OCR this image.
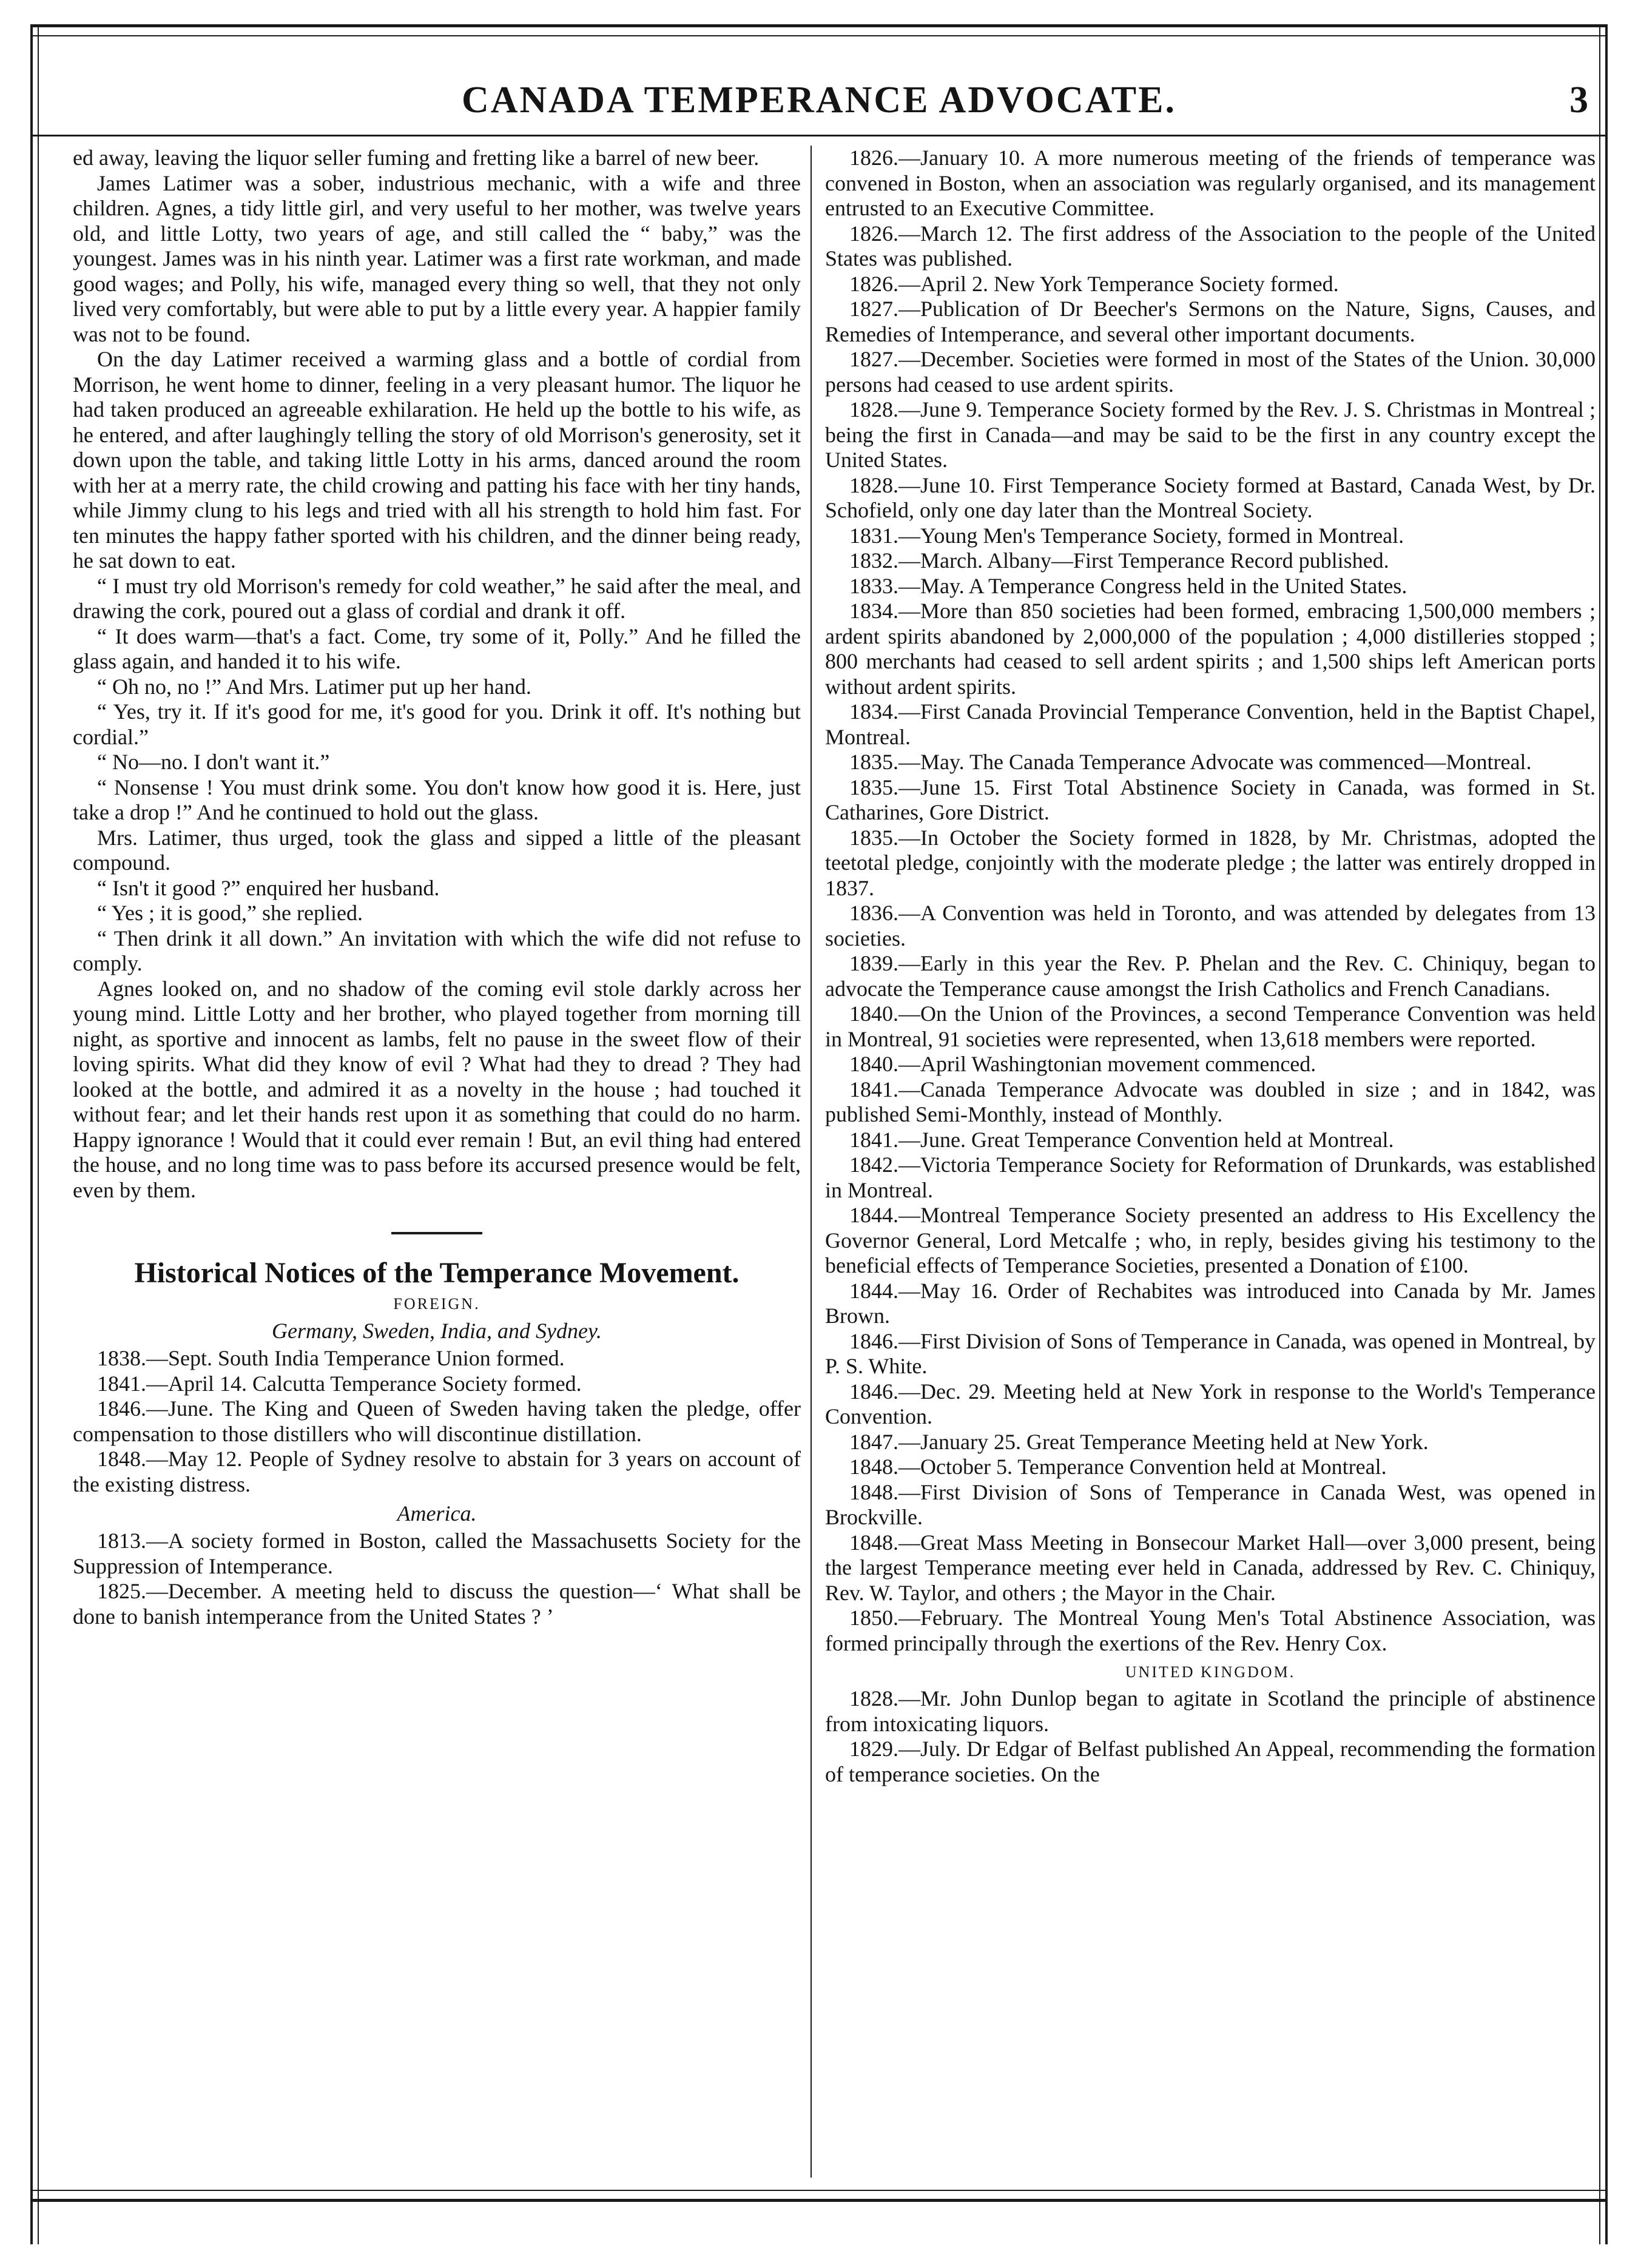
CANADA TEMPERANCE ADVOCATE.	3

ed away, leaving the liquor seller fuming and fretting like a barrel of new beer.

James Latimer was a sober, industrious mechanic, with a wife and three children. Agnes, a tidy little girl, and very useful to her mother, was twelve years old, and little Lotty, two years of age, and still called the “ baby,” was the youngest. James was in his ninth year. Latimer was a first rate workman, and made good wages; and Polly, his wife, managed every thing so well, that they not only lived very comfortably, but were able to put by a little every year. A happier family was not to be found.

On the day Latimer received a warming glass and a bottle of cordial from Morrison, he went home to dinner, feeling in a very pleasant humor. The liquor he had taken produced an agreeable exhilaration. He held up the bottle to his wife, as he entered, and after laughingly telling the story of old Morrison's generosity, set it down upon the table, and taking little Lotty in his arms, danced around the room with her at a merry rate, the child crowing and patting his face with her tiny hands, while Jimmy clung to his legs and tried with all his strength to hold him fast. For ten minutes the happy father sported with his children, and the dinner being ready, he sat down to eat.

“ I must try old Morrison's remedy for cold weather,” he said after the meal, and drawing the cork, poured out a glass of cordial and drank it off.

“ It does warm—that's a fact. Come, try some of it, Polly.” And he filled the glass again, and handed it to his wife.

“ Oh no, no !” And Mrs. Latimer put up her hand.

“ Yes, try it. If it's good for me, it's good for you. Drink it off. It's nothing but cordial.”

“ No—no. I don't want it.”

“ Nonsense ! You must drink some. You don't know how good it is. Here, just take a drop !” And he continued to hold out the glass.

Mrs. Latimer, thus urged, took the glass and sipped a little of the pleasant compound.

“ Isn't it good ?” enquired her husband.

“ Yes ; it is good,” she replied.

“ Then drink it all down.” An invitation with which the wife did not refuse to comply.

Agnes looked on, and no shadow of the coming evil stole darkly across her young mind. Little Lotty and her brother, who played together from morning till night, as sportive and innocent as lambs, felt no pause in the sweet flow of their loving spirits. What did they know of evil ? What had they to dread ? They had looked at the bottle, and admired it as a novelty in the house ; had touched it without fear; and let their hands rest upon it as something that could do no harm. Happy ignorance ! Would that it could ever remain ! But, an evil thing had entered the house, and no long time was to pass before its accursed presence would be felt, even by them.

Historical Notices of the Temperance Movement.
FOREIGN.
Germany, Sweden, India, and Sydney.
1838.—Sept. South India Temperance Union formed.
1841.—April 14. Calcutta Temperance Society formed.
1846.—June. The King and Queen of Sweden having taken the pledge, offer compensation to those distillers who will discontinue distillation.
1848.—May 12. People of Sydney resolve to abstain for 3 years on account of the existing distress.
America.
1813.—A society formed in Boston, called the Massachusetts Society for the Suppression of Intemperance.
1825.—December. A meeting held to discuss the question—‘ What shall be done to banish intemperance from the United States ? ’
1826.—January 10. A more numerous meeting of the friends of temperance was convened in Boston, when an association was regularly organised, and its management entrusted to an Executive Committee.
1826.—March 12. The first address of the Association to the people of the United States was published.
1826.—April 2. New York Temperance Society formed.
1827.—Publication of Dr Beecher's Sermons on the Nature, Signs, Causes, and Remedies of Intemperance, and several other important documents.
1827.—December. Societies were formed in most of the States of the Union. 30,000 persons had ceased to use ardent spirits.
1828.—June 9. Temperance Society formed by the Rev. J. S. Christmas in Montreal ; being the first in Canada—and may be said to be the first in any country except the United States.
1828.—June 10. First Temperance Society formed at Bastard, Canada West, by Dr. Schofield, only one day later than the Montreal Society.
1831.—Young Men's Temperance Society, formed in Montreal.
1832.—March. Albany—First Temperance Record published.
1833.—May. A Temperance Congress held in the United States.
1834.—More than 850 societies had been formed, embracing 1,500,000 members ; ardent spirits abandoned by 2,000,000 of the population ; 4,000 distilleries stopped ; 800 merchants had ceased to sell ardent spirits ; and 1,500 ships left American ports without ardent spirits.
1834.—First Canada Provincial Temperance Convention, held in the Baptist Chapel, Montreal.
1835.—May. The Canada Temperance Advocate was commenced—Montreal.
1835.—June 15. First Total Abstinence Society in Canada, was formed in St. Catharines, Gore District.
1835.—In October the Society formed in 1828, by Mr. Christmas, adopted the teetotal pledge, conjointly with the moderate pledge ; the latter was entirely dropped in 1837.
1836.—A Convention was held in Toronto, and was attended by delegates from 13 societies.
1839.—Early in this year the Rev. P. Phelan and the Rev. C. Chiniquy, began to advocate the Temperance cause amongst the Irish Catholics and French Canadians.
1840.—On the Union of the Provinces, a second Temperance Convention was held in Montreal, 91 societies were represented, when 13,618 members were reported.
1840.—April Washingtonian movement commenced.
1841.—Canada Temperance Advocate was doubled in size ; and in 1842, was published Semi-Monthly, instead of Monthly.
1841.—June. Great Temperance Convention held at Montreal.
1842.—Victoria Temperance Society for Reformation of Drunkards, was established in Montreal.
1844.—Montreal Temperance Society presented an address to His Excellency the Governor General, Lord Metcalfe ; who, in reply, besides giving his testimony to the beneficial effects of Temperance Societies, presented a Donation of £100.
1844.—May 16. Order of Rechabites was introduced into Canada by Mr. James Brown.
1846.—First Division of Sons of Temperance in Canada, was opened in Montreal, by P. S. White.
1846.—Dec. 29. Meeting held at New York in response to the World's Temperance Convention.
1847.—January 25. Great Temperance Meeting held at New York.
1848.—October 5. Temperance Convention held at Montreal.
1848.—First Division of Sons of Temperance in Canada West, was opened in Brockville.
1848.—Great Mass Meeting in Bonsecour Market Hall—over 3,000 present, being the largest Temperance meeting ever held in Canada, addressed by Rev. C. Chiniquy, Rev. W. Taylor, and others ; the Mayor in the Chair.
1850.—February. The Montreal Young Men's Total Abstinence Association, was formed principally through the exertions of the Rev. Henry Cox.
UNITED KINGDOM.
1828.—Mr. John Dunlop began to agitate in Scotland the principle of abstinence from intoxicating liquors.
1829.—July. Dr Edgar of Belfast published An Appeal, recommending the formation of temperance societies. On the
